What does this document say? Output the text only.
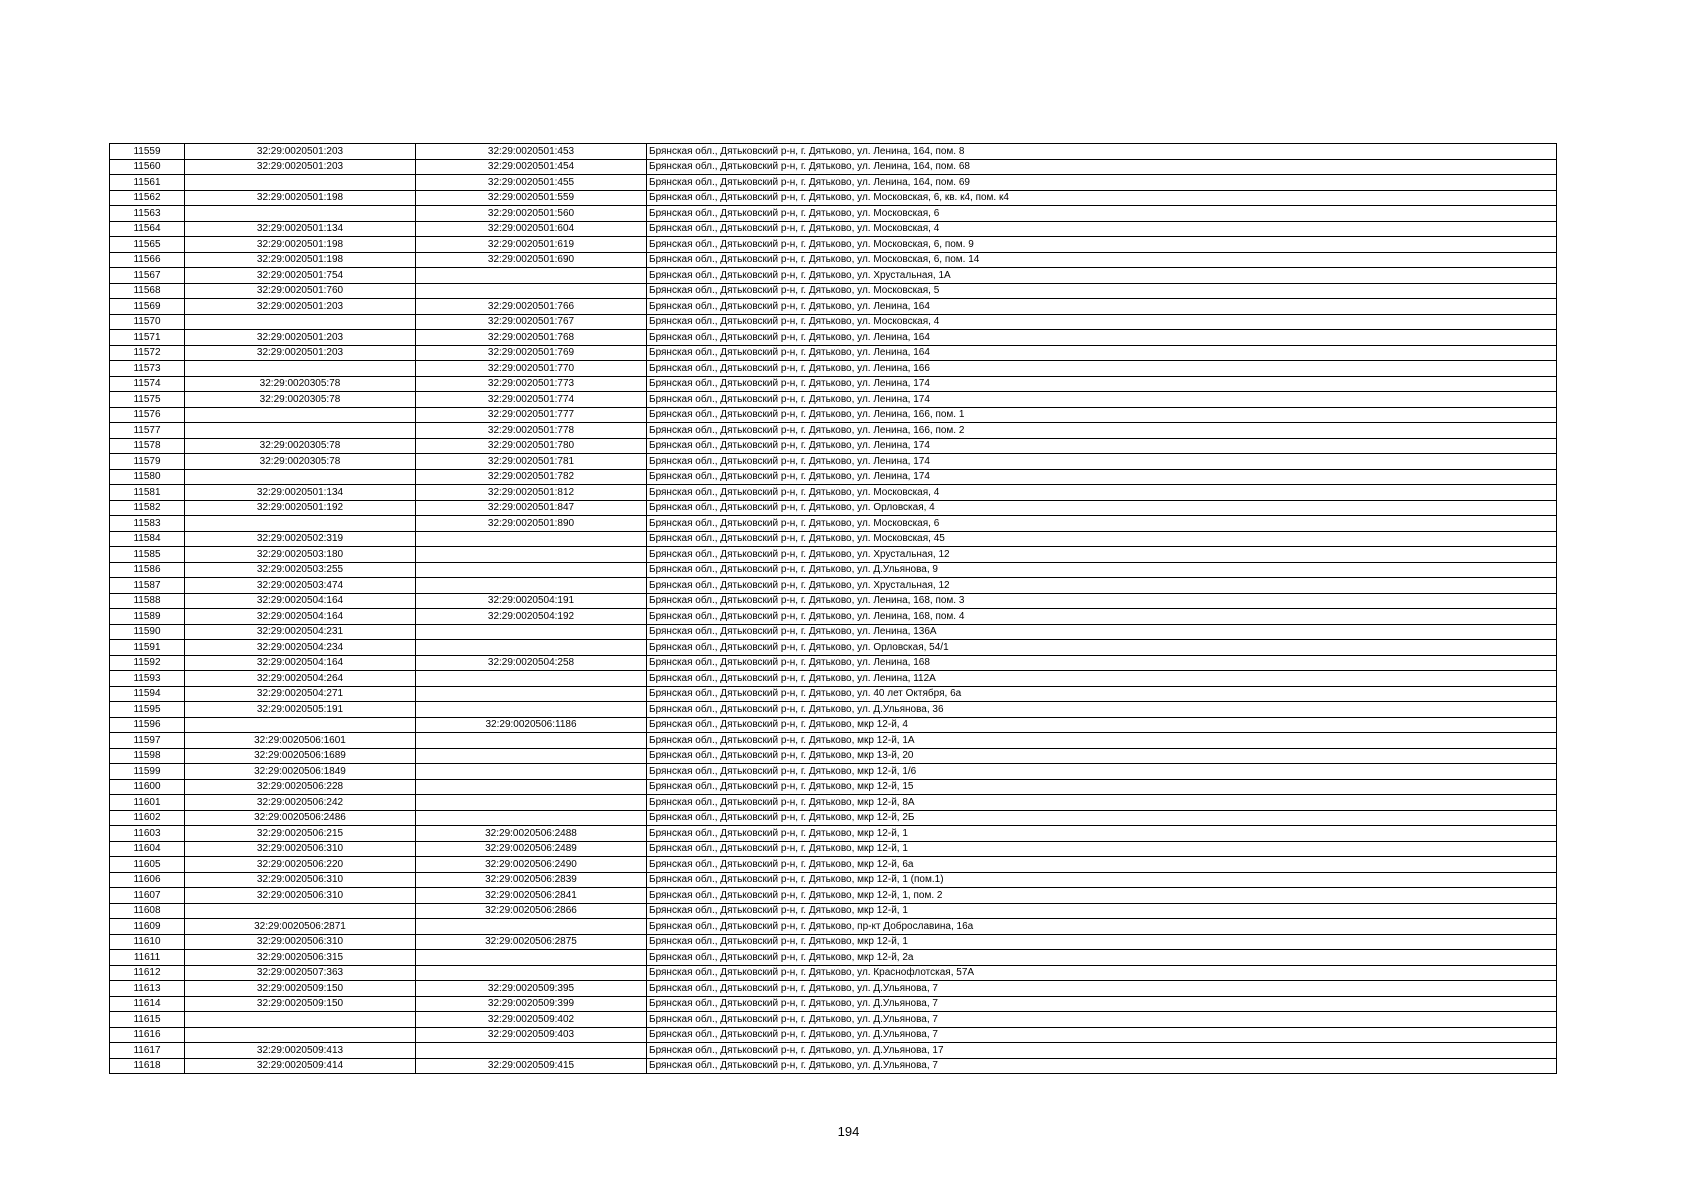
11559	32:29:0020501:203	32:29:0020501:453	Брянская обл., Дятьковский р-н, г. Дятьково, ул. Ленина, 164, пом. 8
11560	32:29:0020501:203	32:29:0020501:454	Брянская обл., Дятьковский р-н, г. Дятьково, ул. Ленина, 164, пом. 68
11561		32:29:0020501:455	Брянская обл., Дятьковский р-н, г. Дятьково, ул. Ленина, 164, пом. 69
11562	32:29:0020501:198	32:29:0020501:559	Брянская обл., Дятьковский р-н, г. Дятьково, ул. Московская, 6, кв. к4, пом. к4
11563		32:29:0020501:560	Брянская обл., Дятьковский р-н, г. Дятьково, ул. Московская, 6
11564	32:29:0020501:134	32:29:0020501:604	Брянская обл., Дятьковский р-н, г. Дятьково, ул. Московская, 4
11565	32:29:0020501:198	32:29:0020501:619	Брянская обл., Дятьковский р-н, г. Дятьково, ул. Московская, 6, пом. 9
11566	32:29:0020501:198	32:29:0020501:690	Брянская обл., Дятьковский р-н, г. Дятьково, ул. Московская, 6, пом. 14
11567	32:29:0020501:754		Брянская обл., Дятьковский р-н, г. Дятьково, ул. Хрустальная, 1А
11568	32:29:0020501:760		Брянская обл., Дятьковский р-н, г. Дятьково, ул. Московская, 5
11569	32:29:0020501:203	32:29:0020501:766	Брянская обл., Дятьковский р-н, г. Дятьково, ул. Ленина, 164
11570		32:29:0020501:767	Брянская обл., Дятьковский р-н, г. Дятьково, ул. Московская, 4
11571	32:29:0020501:203	32:29:0020501:768	Брянская обл., Дятьковский р-н, г. Дятьково, ул. Ленина, 164
11572	32:29:0020501:203	32:29:0020501:769	Брянская обл., Дятьковский р-н, г. Дятьково, ул. Ленина, 164
11573		32:29:0020501:770	Брянская обл., Дятьковский р-н, г. Дятьково, ул. Ленина, 166
11574	32:29:0020305:78	32:29:0020501:773	Брянская обл., Дятьковский р-н, г. Дятьково, ул. Ленина, 174
11575	32:29:0020305:78	32:29:0020501:774	Брянская обл., Дятьковский р-н, г. Дятьково, ул. Ленина, 174
11576		32:29:0020501:777	Брянская обл., Дятьковский р-н, г. Дятьково, ул. Ленина, 166, пом. 1
11577		32:29:0020501:778	Брянская обл., Дятьковский р-н, г. Дятьково, ул. Ленина, 166, пом. 2
11578	32:29:0020305:78	32:29:0020501:780	Брянская обл., Дятьковский р-н, г. Дятьково, ул. Ленина, 174
11579	32:29:0020305:78	32:29:0020501:781	Брянская обл., Дятьковский р-н, г. Дятьково, ул. Ленина, 174
11580		32:29:0020501:782	Брянская обл., Дятьковский р-н, г. Дятьково, ул. Ленина, 174
11581	32:29:0020501:134	32:29:0020501:812	Брянская обл., Дятьковский р-н, г. Дятьково, ул. Московская, 4
11582	32:29:0020501:192	32:29:0020501:847	Брянская обл., Дятьковский р-н, г. Дятьково, ул. Орловская, 4
11583		32:29:0020501:890	Брянская обл., Дятьковский р-н, г. Дятьково, ул. Московская, 6
11584	32:29:0020502:319		Брянская обл., Дятьковский р-н, г. Дятьково, ул. Московская, 45
11585	32:29:0020503:180		Брянская обл., Дятьковский р-н, г. Дятьково, ул. Хрустальная, 12
11586	32:29:0020503:255		Брянская обл., Дятьковский р-н, г. Дятьково, ул. Д.Ульянова, 9
11587	32:29:0020503:474		Брянская обл., Дятьковский р-н, г. Дятьково, ул. Хрустальная, 12
11588	32:29:0020504:164	32:29:0020504:191	Брянская обл., Дятьковский р-н, г. Дятьково, ул. Ленина, 168, пом. 3
11589	32:29:0020504:164	32:29:0020504:192	Брянская обл., Дятьковский р-н, г. Дятьково, ул. Ленина, 168, пом. 4
11590	32:29:0020504:231		Брянская обл., Дятьковский р-н, г. Дятьково, ул. Ленина, 136А
11591	32:29:0020504:234		Брянская обл., Дятьковский р-н, г. Дятьково, ул. Орловская, 54/1
11592	32:29:0020504:164	32:29:0020504:258	Брянская обл., Дятьковский р-н, г. Дятьково, ул. Ленина, 168
11593	32:29:0020504:264		Брянская обл., Дятьковский р-н, г. Дятьково, ул. Ленина, 112А
11594	32:29:0020504:271		Брянская обл., Дятьковский р-н, г. Дятьково, ул. 40 лет Октября, 6а
11595	32:29:0020505:191		Брянская обл., Дятьковский р-н, г. Дятьково, ул. Д.Ульянова, 36
11596		32:29:0020506:1186	Брянская обл., Дятьковский р-н, г. Дятьково, мкр 12-й, 4
11597	32:29:0020506:1601		Брянская обл., Дятьковский р-н, г. Дятьково, мкр 12-й, 1А
11598	32:29:0020506:1689		Брянская обл., Дятьковский р-н, г. Дятьково, мкр 13-й, 20
11599	32:29:0020506:1849		Брянская обл., Дятьковский р-н, г. Дятьково, мкр 12-й, 1/6
11600	32:29:0020506:228		Брянская обл., Дятьковский р-н, г. Дятьково, мкр 12-й, 15
11601	32:29:0020506:242		Брянская обл., Дятьковский р-н, г. Дятьково, мкр 12-й, 8А
11602	32:29:0020506:2486		Брянская обл., Дятьковский р-н, г. Дятьково, мкр 12-й, 2Б
11603	32:29:0020506:215	32:29:0020506:2488	Брянская обл., Дятьковский р-н, г. Дятьково, мкр 12-й, 1
11604	32:29:0020506:310	32:29:0020506:2489	Брянская обл., Дятьковский р-н, г. Дятьково, мкр 12-й, 1
11605	32:29:0020506:220	32:29:0020506:2490	Брянская обл., Дятьковский р-н, г. Дятьково, мкр 12-й, 6а
11606	32:29:0020506:310	32:29:0020506:2839	Брянская обл., Дятьковский р-н, г. Дятьково, мкр 12-й, 1 (пом.1)
11607	32:29:0020506:310	32:29:0020506:2841	Брянская обл., Дятьковский р-н, г. Дятьково, мкр 12-й, 1, пом. 2
11608		32:29:0020506:2866	Брянская обл., Дятьковский р-н, г. Дятьково, мкр 12-й, 1
11609	32:29:0020506:2871		Брянская обл., Дятьковский р-н, г. Дятьково, пр-кт Доброславина, 16а
11610	32:29:0020506:310	32:29:0020506:2875	Брянская обл., Дятьковский р-н, г. Дятьково, мкр 12-й, 1
11611	32:29:0020506:315		Брянская обл., Дятьковский р-н, г. Дятьково, мкр 12-й, 2а
11612	32:29:0020507:363		Брянская обл., Дятьковский р-н, г. Дятьково, ул. Краснофлотская, 57А
11613	32:29:0020509:150	32:29:0020509:395	Брянская обл., Дятьковский р-н, г. Дятьково, ул. Д.Ульянова, 7
11614	32:29:0020509:150	32:29:0020509:399	Брянская обл., Дятьковский р-н, г. Дятьково, ул. Д.Ульянова, 7
11615		32:29:0020509:402	Брянская обл., Дятьковский р-н, г. Дятьково, ул. Д.Ульянова, 7
11616		32:29:0020509:403	Брянская обл., Дятьковский р-н, г. Дятьково, ул. Д.Ульянова, 7
11617	32:29:0020509:413		Брянская обл., Дятьковский р-н, г. Дятьково, ул. Д.Ульянова, 17
11618	32:29:0020509:414	32:29:0020509:415	Брянская обл., Дятьковский р-н, г. Дятьково, ул. Д.Ульянова, 7
194
